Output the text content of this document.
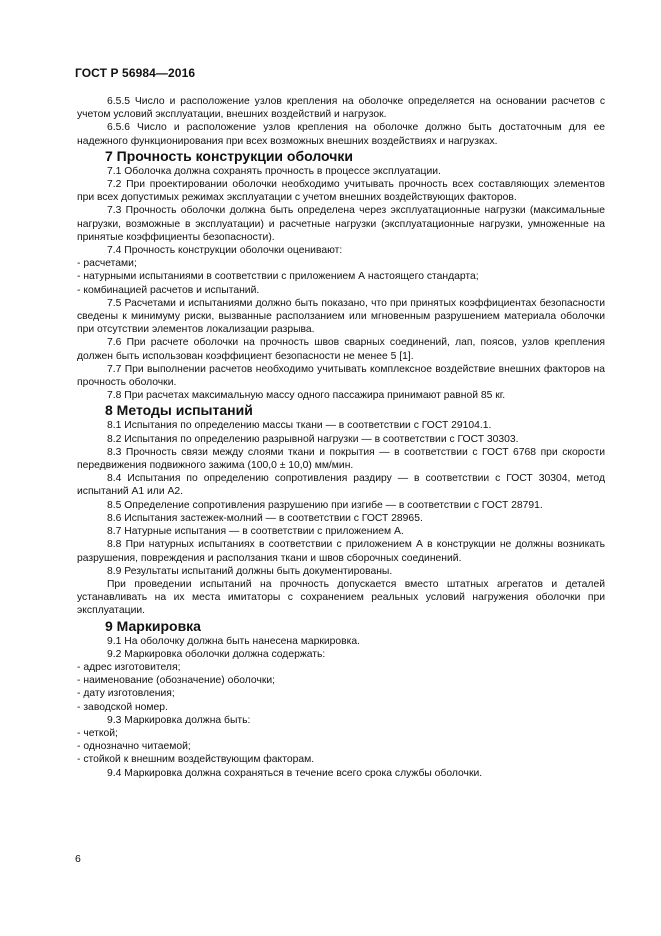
ГОСТ Р 56984—2016

6.5.5 Число и расположение узлов крепления на оболочке определяется на основании расчетов с учетом условий эксплуатации, внешних воздействий и нагрузок.

6.5.6 Число и расположение узлов крепления на оболочке должно быть достаточным для ее надежного функционирования при всех возможных внешних воздействиях и нагрузках.

7 Прочность конструкции оболочки

7.1 Оболочка должна сохранять прочность в процессе эксплуатации.

7.2 При проектировании оболочки необходимо учитывать прочность всех составляющих элементов при всех допустимых режимах эксплуатации с учетом внешних воздействующих факторов.

7.3 Прочность оболочки должна быть определена через эксплуатационные нагрузки (максимальные нагрузки, возможные в эксплуатации) и расчетные нагрузки (эксплуатационные нагрузки, умноженные на принятые коэффициенты безопасности).

7.4 Прочность конструкции оболочки оценивают:

- расчетами;

- натурными испытаниями в соответствии с приложением А настоящего стандарта;

- комбинацией расчетов и испытаний.

7.5 Расчетами и испытаниями должно быть показано, что при принятых коэффициентах безопасности сведены к минимуму риски, вызванные расползанием или мгновенным разрушением материала оболочки при отсутствии элементов локализации разрыва.

7.6 При расчете оболочки на прочность швов сварных соединений, лап, поясов, узлов крепления должен быть использован коэффициент безопасности не менее 5 [1].

7.7 При выполнении расчетов необходимо учитывать комплексное воздействие внешних факторов на прочность оболочки.

7.8 При расчетах максимальную массу одного пассажира принимают равной 85 кг.

8 Методы испытаний

8.1 Испытания по определению массы ткани — в соответствии с ГОСТ 29104.1.

8.2 Испытания по определению разрывной нагрузки — в соответствии с ГОСТ 30303.

8.3 Прочность связи между слоями ткани и покрытия — в соответствии с ГОСТ 6768 при скорости передвижения подвижного зажима (100,0 ± 10,0) мм/мин.

8.4 Испытания по определению сопротивления раздиру — в соответствии с ГОСТ 30304, метод испытаний А1 или А2.

8.5 Определение сопротивления разрушению при изгибе — в соответствии с ГОСТ 28791.

8.6 Испытания застежек-молний — в соответствии с ГОСТ 28965.

8.7 Натурные испытания — в соответствии с приложением А.

8.8 При натурных испытаниях в соответствии с приложением А в конструкции не должны возникать разрушения, повреждения и расползания ткани и швов сборочных соединений.

8.9 Результаты испытаний должны быть документированы.

При проведении испытаний на прочность допускается вместо штатных агрегатов и деталей устанавливать на их места имитаторы с сохранением реальных условий нагружения оболочки при эксплуатации.

9 Маркировка

9.1 На оболочку должна быть нанесена маркировка.

9.2 Маркировка оболочки должна содержать:

- адрес изготовителя;

- наименование (обозначение) оболочки;

- дату изготовления;

- заводской номер.

9.3 Маркировка должна быть:

- четкой;

- однозначно читаемой;

- стойкой к внешним воздействующим факторам.

9.4 Маркировка должна сохраняться в течение всего срока службы оболочки.

6
